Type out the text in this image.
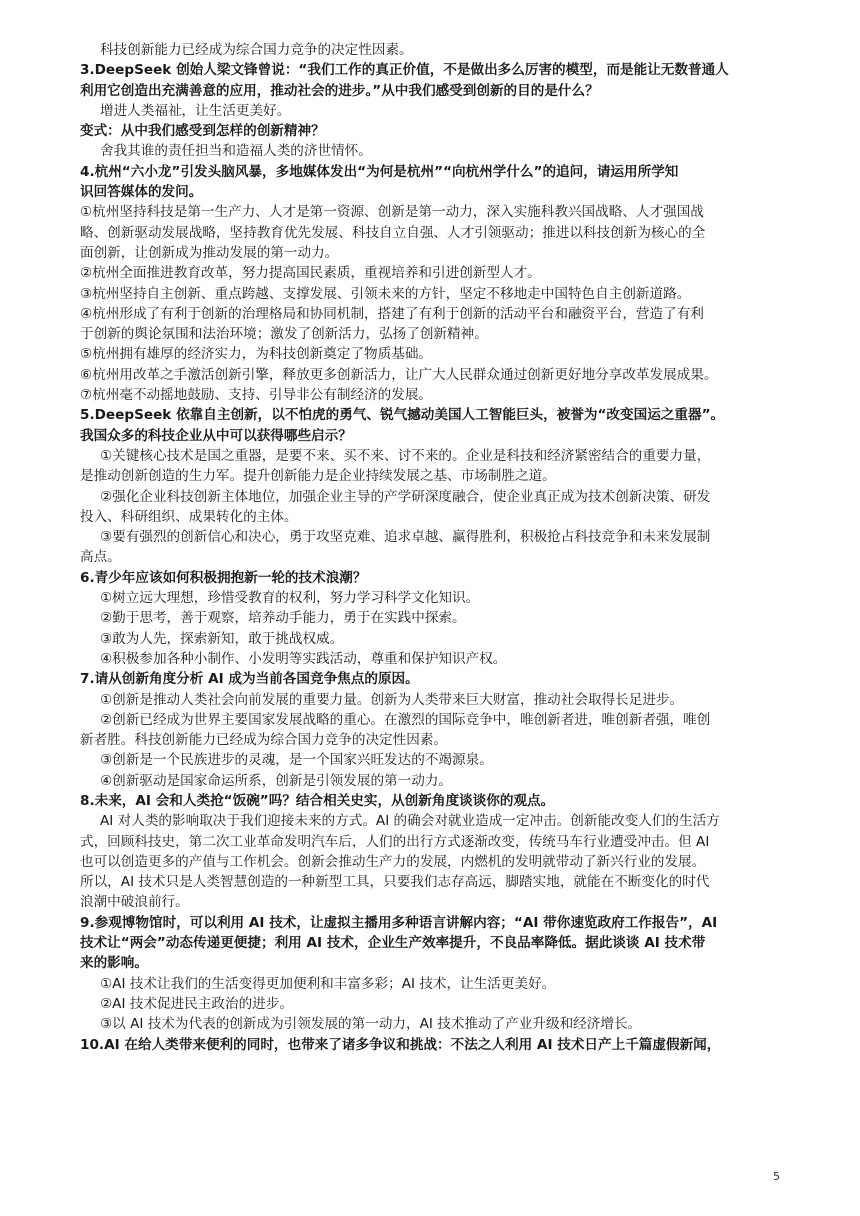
科技创新能力已经成为综合国力竞争的决定性因素。
3.DeepSeek 创始人梁文锋曾说：“我们工作的真正价值，不是做出多么厉害的模型，而是能让无数普通人
利用它创造出充满善意的应用，推动社会的进步。”从中我们感受到创新的目的是什么？
增进人类福祉，让生活更美好。
变式：从中我们感受到怎样的创新精神？
舍我其谁的责任担当和造福人类的济世情怀。
4.杭州“六小龙”引发头脑风暴，多地媒体发出“为何是杭州”“向杭州学什么”的追问，请运用所学知
识回答媒体的发问。
①杭州坚持科技是第一生产力、人才是第一资源、创新是第一动力，深入实施科教兴国战略、人才强国战
略、创新驱动发展战略，坚持教育优先发展、科技自立自强、人才引领驱动；推进以科技创新为核心的全
面创新，让创新成为推动发展的第一动力。
②杭州全面推进教育改革，努力提高国民素质，重视培养和引进创新型人才。
③杭州坚持自主创新、重点跨越、支撑发展、引领未来的方针，坚定不移地走中国特色自主创新道路。
④杭州形成了有利于创新的治理格局和协同机制，搭建了有利于创新的活动平台和融资平台，营造了有利
于创新的舆论氛围和法治环境；激发了创新活力，弘扬了创新精神。
⑤杭州拥有雄厚的经济实力，为科技创新奠定了物质基础。
⑥杭州用改革之手激活创新引擎，释放更多创新活力，让广大人民群众通过创新更好地分享改革发展成果。
⑦杭州毫不动摇地鼓励、支持、引导非公有制经济的发展。
5.DeepSeek 依靠自主创新，以不怕虎的勇气、锐气撼动美国人工智能巨头，被誉为“改变国运之重器”。
我国众多的科技企业从中可以获得哪些启示？
①关键核心技术是国之重器，是要不来、买不来、讨不来的。企业是科技和经济紧密结合的重要力量，
是推动创新创造的生力军。提升创新能力是企业持续发展之基、市场制胜之道。
②强化企业科技创新主体地位，加强企业主导的产学研深度融合，使企业真正成为技术创新决策、研发
投入、科研组织、成果转化的主体。
③要有强烈的创新信心和决心，勇于攻坚克难、追求卓越、赢得胜利，积极抢占科技竞争和未来发展制
高点。
6.青少年应该如何积极拥抱新一轮的技术浪潮？
①树立远大理想，珍惜受教育的权利，努力学习科学文化知识。
②勤于思考，善于观察，培养动手能力，勇于在实践中探索。
③敢为人先，探索新知，敢于挑战权威。
④积极参加各种小制作、小发明等实践活动，尊重和保护知识产权。
7.请从创新角度分析 AI 成为当前各国竞争焦点的原因。
①创新是推动人类社会向前发展的重要力量。创新为人类带来巨大财富，推动社会取得长足进步。
②创新已经成为世界主要国家发展战略的重心。在激烈的国际竞争中，唯创新者进，唯创新者强，唯创
新者胜。科技创新能力已经成为综合国力竞争的决定性因素。
③创新是一个民族进步的灵魂，是一个国家兴旺发达的不竭源泉。
④创新驱动是国家命运所系，创新是引领发展的第一动力。
8.未来，AI 会和人类抢“饭碗”吗？结合相关史实，从创新角度谈谈你的观点。
AI 对人类的影响取决于我们迎接未来的方式。AI 的确会对就业造成一定冲击。创新能改变人们的生活方
式，回顾科技史，第二次工业革命发明汽车后，人们的出行方式逐渐改变，传统马车行业遭受冲击。但 AI
也可以创造更多的产值与工作机会。创新会推动生产力的发展，内燃机的发明就带动了新兴行业的发展。
所以，AI 技术只是人类智慧创造的一种新型工具，只要我们志存高远，脚踏实地，就能在不断变化的时代
浪潮中破浪前行。
9.参观博物馆时，可以利用 AI 技术，让虚拟主播用多种语言讲解内容；“AI 带你速览政府工作报告”，AI
技术让“两会”动态传递更便捷；利用 AI 技术，企业生产效率提升，不良品率降低。据此谈谈 AI 技术带
来的影响。
①AI 技术让我们的生活变得更加便利和丰富多彩；AI 技术，让生活更美好。
②AI 技术促进民主政治的进步。
③以 AI 技术为代表的创新成为引领发展的第一动力，AI 技术推动了产业升级和经济增长。
10.AI 在给人类带来便利的同时，也带来了诸多争议和挑战：不法之人利用 AI 技术日产上千篇虚假新闻，
5
